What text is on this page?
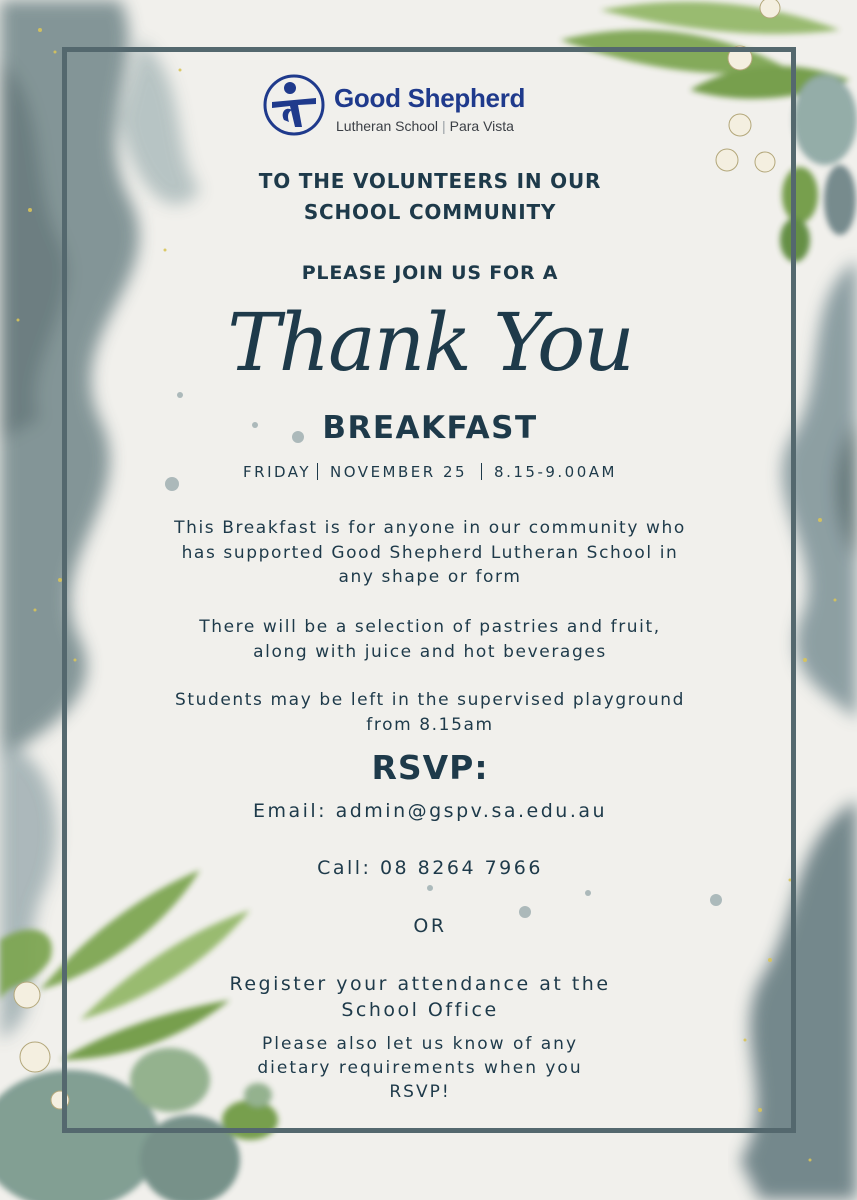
Good Shepherd
Lutheran School | Para Vista
TO THE VOLUNTEERS IN OUR
SCHOOL COMMUNITY
PLEASE JOIN US FOR A
Thank You
BREAKFAST
FRIDAY NOVEMBER 25 8.15-9.00AM
This Breakfast is for anyone in our community who
has supported Good Shepherd Lutheran School in
any shape or form
There will be a selection of pastries and fruit,
along with juice and hot beverages
Students may be left in the supervised playground
from 8.15am
RSVP:
Email: admin@gspv.sa.edu.au
Call: 08 8264 7966
OR
Register your attendance at the
School Office
Please also let us know of any
dietary requirements when you
RSVP!
